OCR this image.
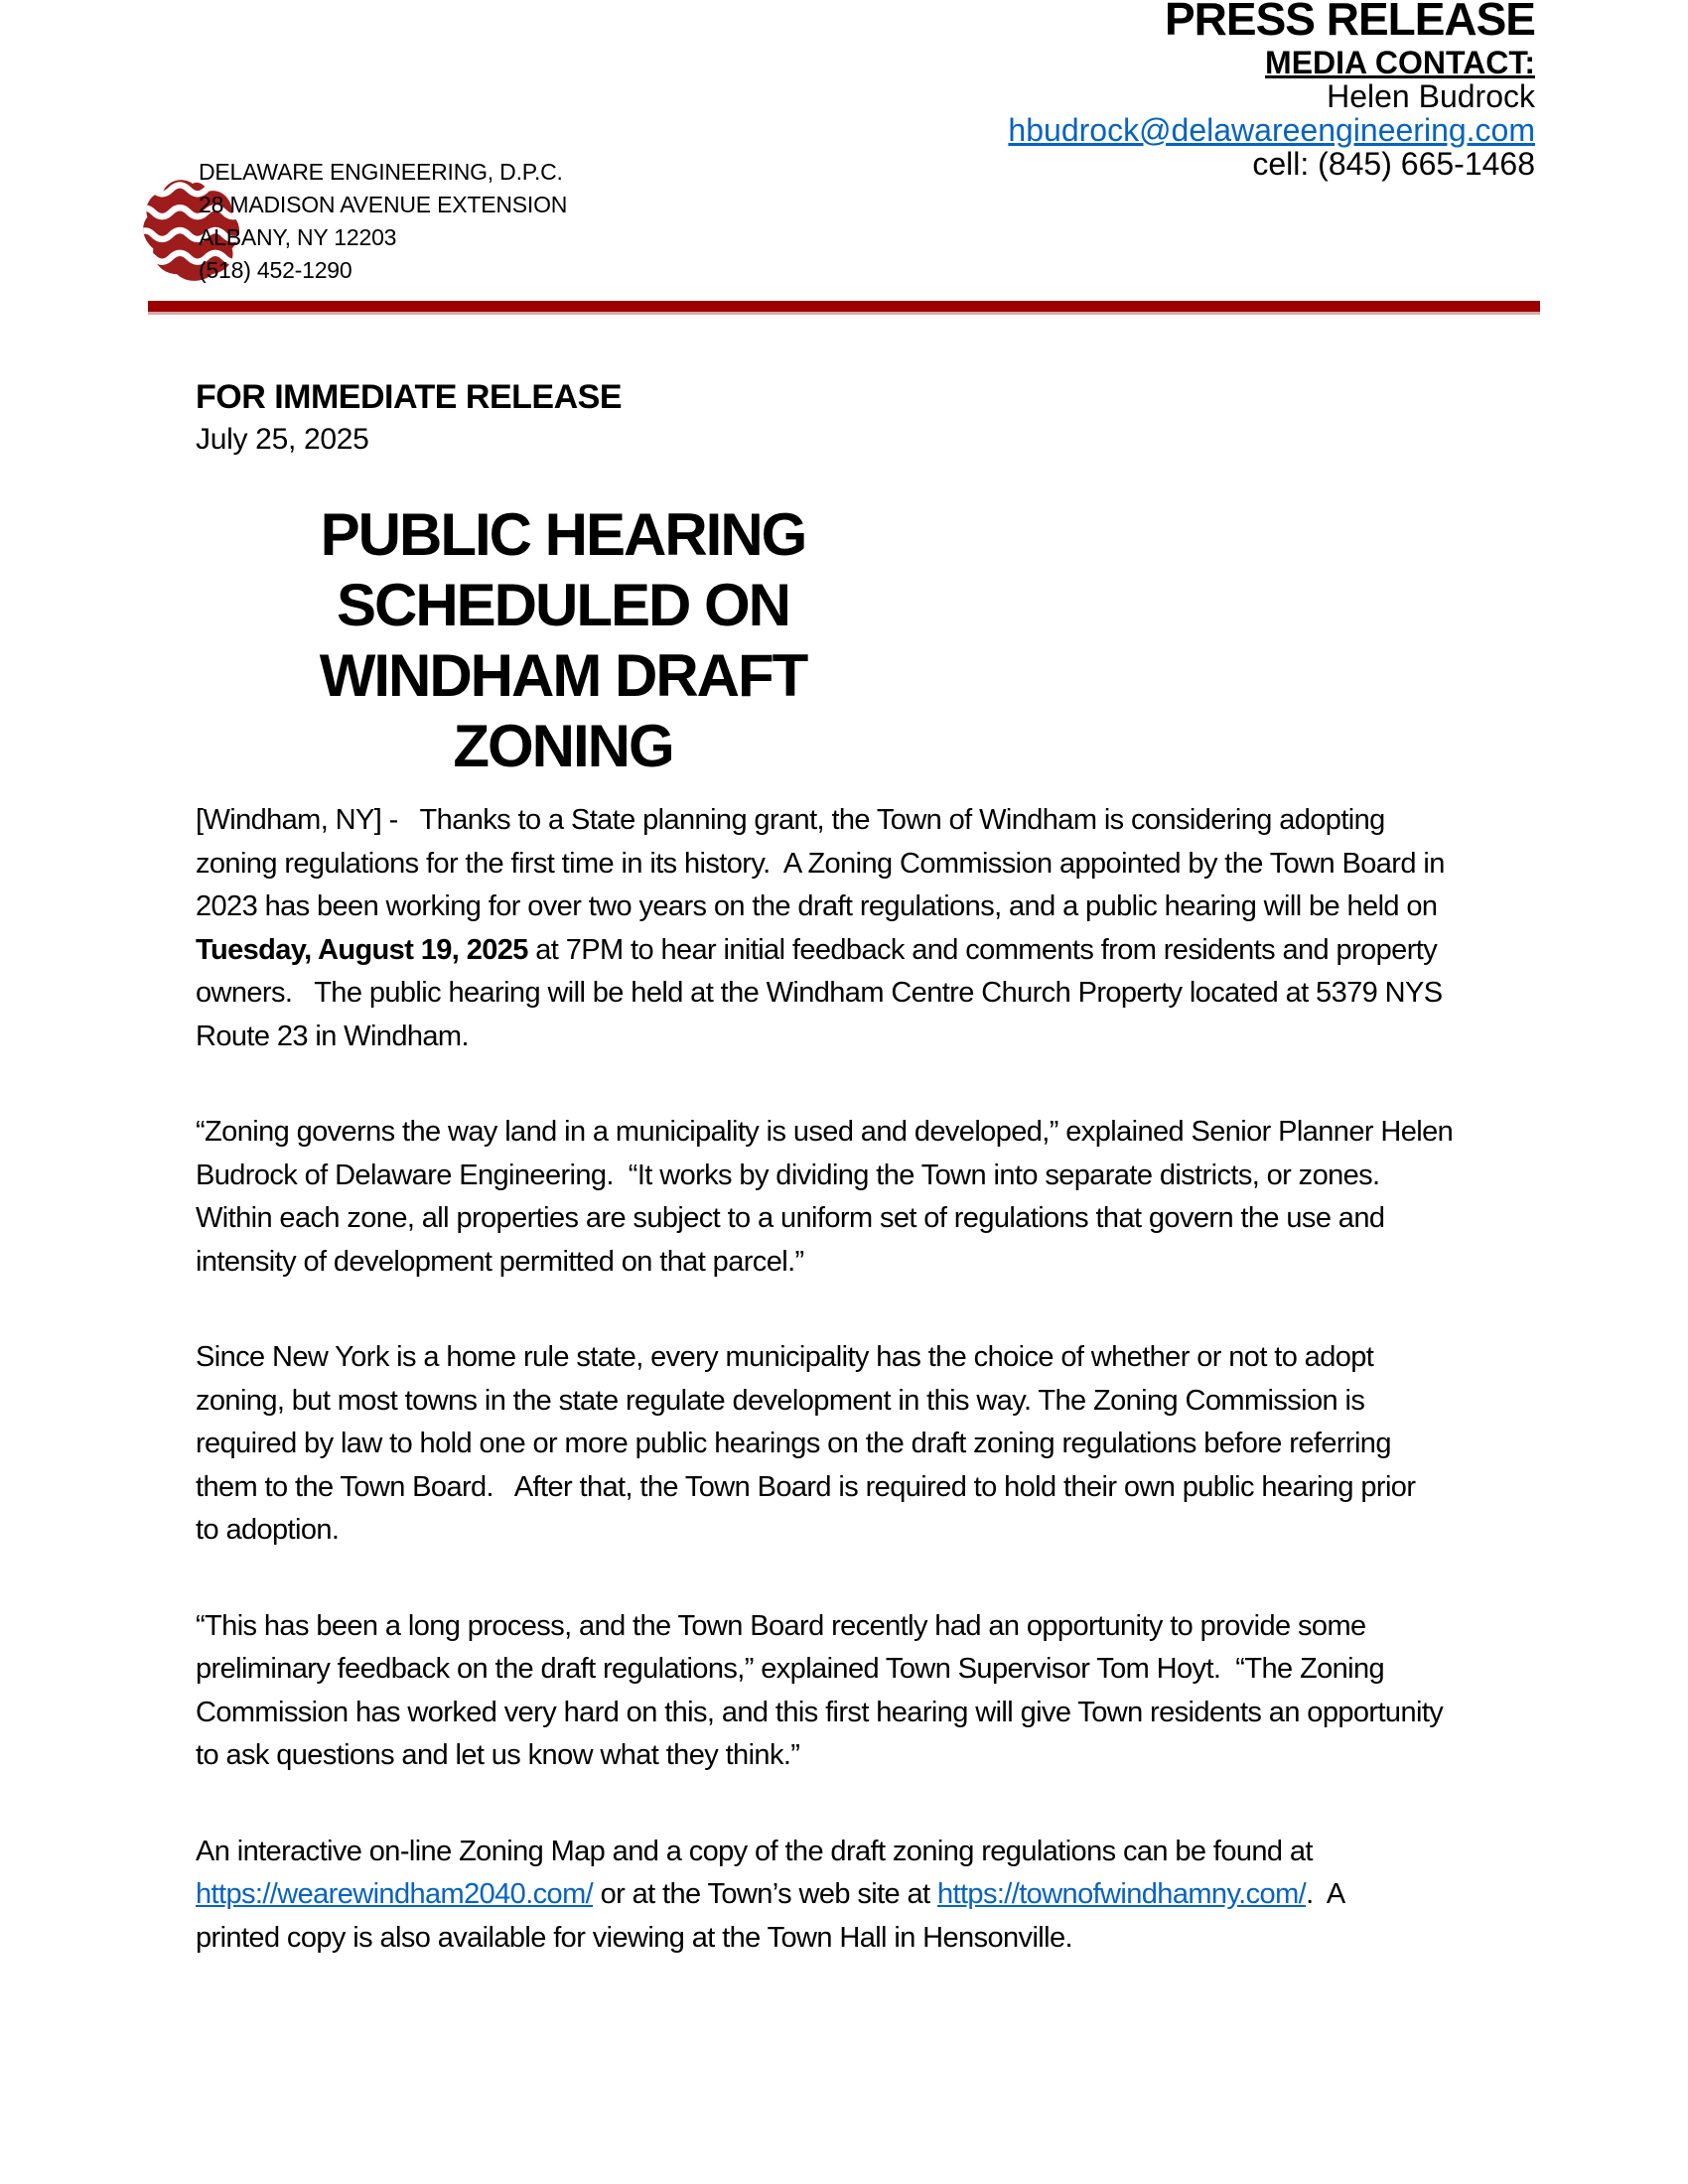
PRESS RELEASE
MEDIA CONTACT:
Helen Budrock
hbudrock@delawareengineering.com
cell: (845) 665-1468
DELAWARE ENGINEERING, D.P.C.
28 MADISON AVENUE EXTENSION
ALBANY, NY 12203
(518) 452-1290
FOR IMMEDIATE RELEASE
July 25, 2025
PUBLIC HEARING
SCHEDULED ON
WINDHAM DRAFT
ZONING
[Windham, NY] -   Thanks to a State planning grant, the Town of Windham is considering adopting
zoning regulations for the first time in its history.  A Zoning Commission appointed by the Town Board in
2023 has been working for over two years on the draft regulations, and a public hearing will be held on
Tuesday, August 19, 2025 at 7PM to hear initial feedback and comments from residents and property
owners.   The public hearing will be held at the Windham Centre Church Property located at 5379 NYS
Route 23 in Windham.
“Zoning governs the way land in a municipality is used and developed,” explained Senior Planner Helen
Budrock of Delaware Engineering.  “It works by dividing the Town into separate districts, or zones.
Within each zone, all properties are subject to a uniform set of regulations that govern the use and
intensity of development permitted on that parcel.”
Since New York is a home rule state, every municipality has the choice of whether or not to adopt
zoning, but most towns in the state regulate development in this way. The Zoning Commission is
required by law to hold one or more public hearings on the draft zoning regulations before referring
them to the Town Board.   After that, the Town Board is required to hold their own public hearing prior
to adoption.
“This has been a long process, and the Town Board recently had an opportunity to provide some
preliminary feedback on the draft regulations,” explained Town Supervisor Tom Hoyt.  “The Zoning
Commission has worked very hard on this, and this first hearing will give Town residents an opportunity
to ask questions and let us know what they think.”
An interactive on-line Zoning Map and a copy of the draft zoning regulations can be found at
https://wearewindham2040.com/ or at the Town’s web site at https://townofwindhamny.com/.  A
printed copy is also available for viewing at the Town Hall in Hensonville.
